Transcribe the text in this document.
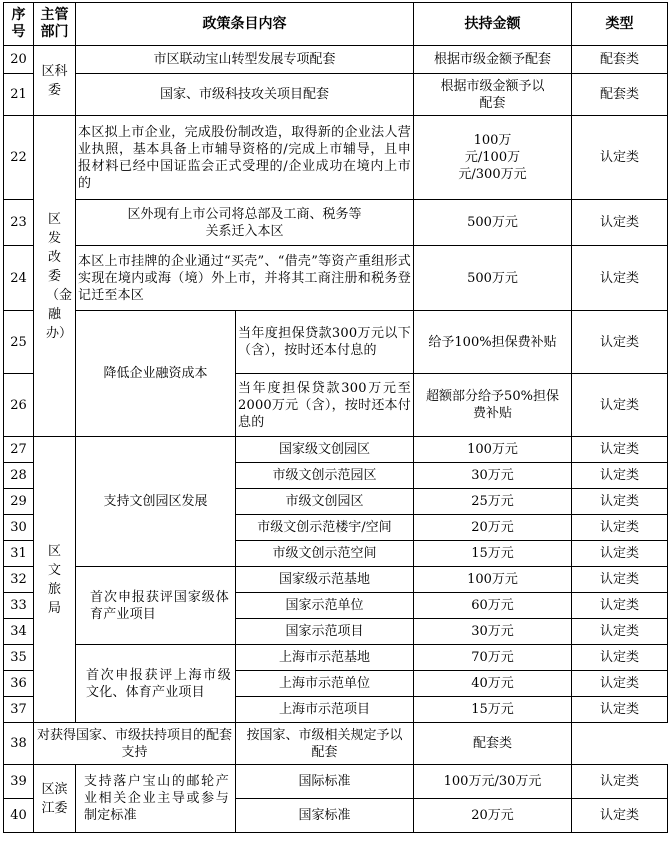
序号	主管部门	政策条目内容		扶持金额	类型
20	区科委	市区联动宝山转型发展专项配套		根据市级金额予配套	配套类
21		国家、市级科技攻关项目配套		根据市级金额予以配套	配套类
22	区发改委（金融办）	本区拟上市企业，完成股份制改造，取得新的企业法人营业执照，基本具备上市辅导资格的/完成上市辅导，且申报材料已经中国证监会正式受理的/企业成功在境内上市的		100万元/100万元/300万元	认定类
23		区外现有上市公司将总部及工商、税务等关系迁入本区		500万元	认定类
24		本区上市挂牌的企业通过“买壳”、“借壳”等资产重组形式实现在境内或海（境）外上市，并将其工商注册和税务登记迁至本区		500万元	认定类
25		降低企业融资成本	当年度担保贷款300万元以下（含），按时还本付息的	给予100%担保费补贴	认定类
26			当年度担保贷款300万元至2000万元（含），按时还本付息的	超额部分给予50%担保费补贴	认定类
27	区文旅局	支持文创园区发展	国家级文创园区	100万元	认定类
28			市级文创示范园区	30万元	认定类
29			市级文创园区	25万元	认定类
30			市级文创示范楼宇/空间	20万元	认定类
31			市级文创示范空间	15万元	认定类
32		首次申报获评国家级体育产业项目	国家级示范基地	100万元	认定类
33			国家示范单位	60万元	认定类
34			国家示范项目	30万元	认定类
35		首次申报获评上海市级文化、体育产业项目	上海市示范基地	70万元	认定类
36			上海市示范单位	40万元	认定类
37			上海市示范项目	15万元	认定类
38	对获得国家、市级扶持项目的配套支持		按国家、市级相关规定予以配套	配套类	
39	区滨江委	支持落户宝山的邮轮产业相关企业主导或参与制定标准	国际标准	100万元/30万元	认定类
40			国家标准	20万元	认定类
